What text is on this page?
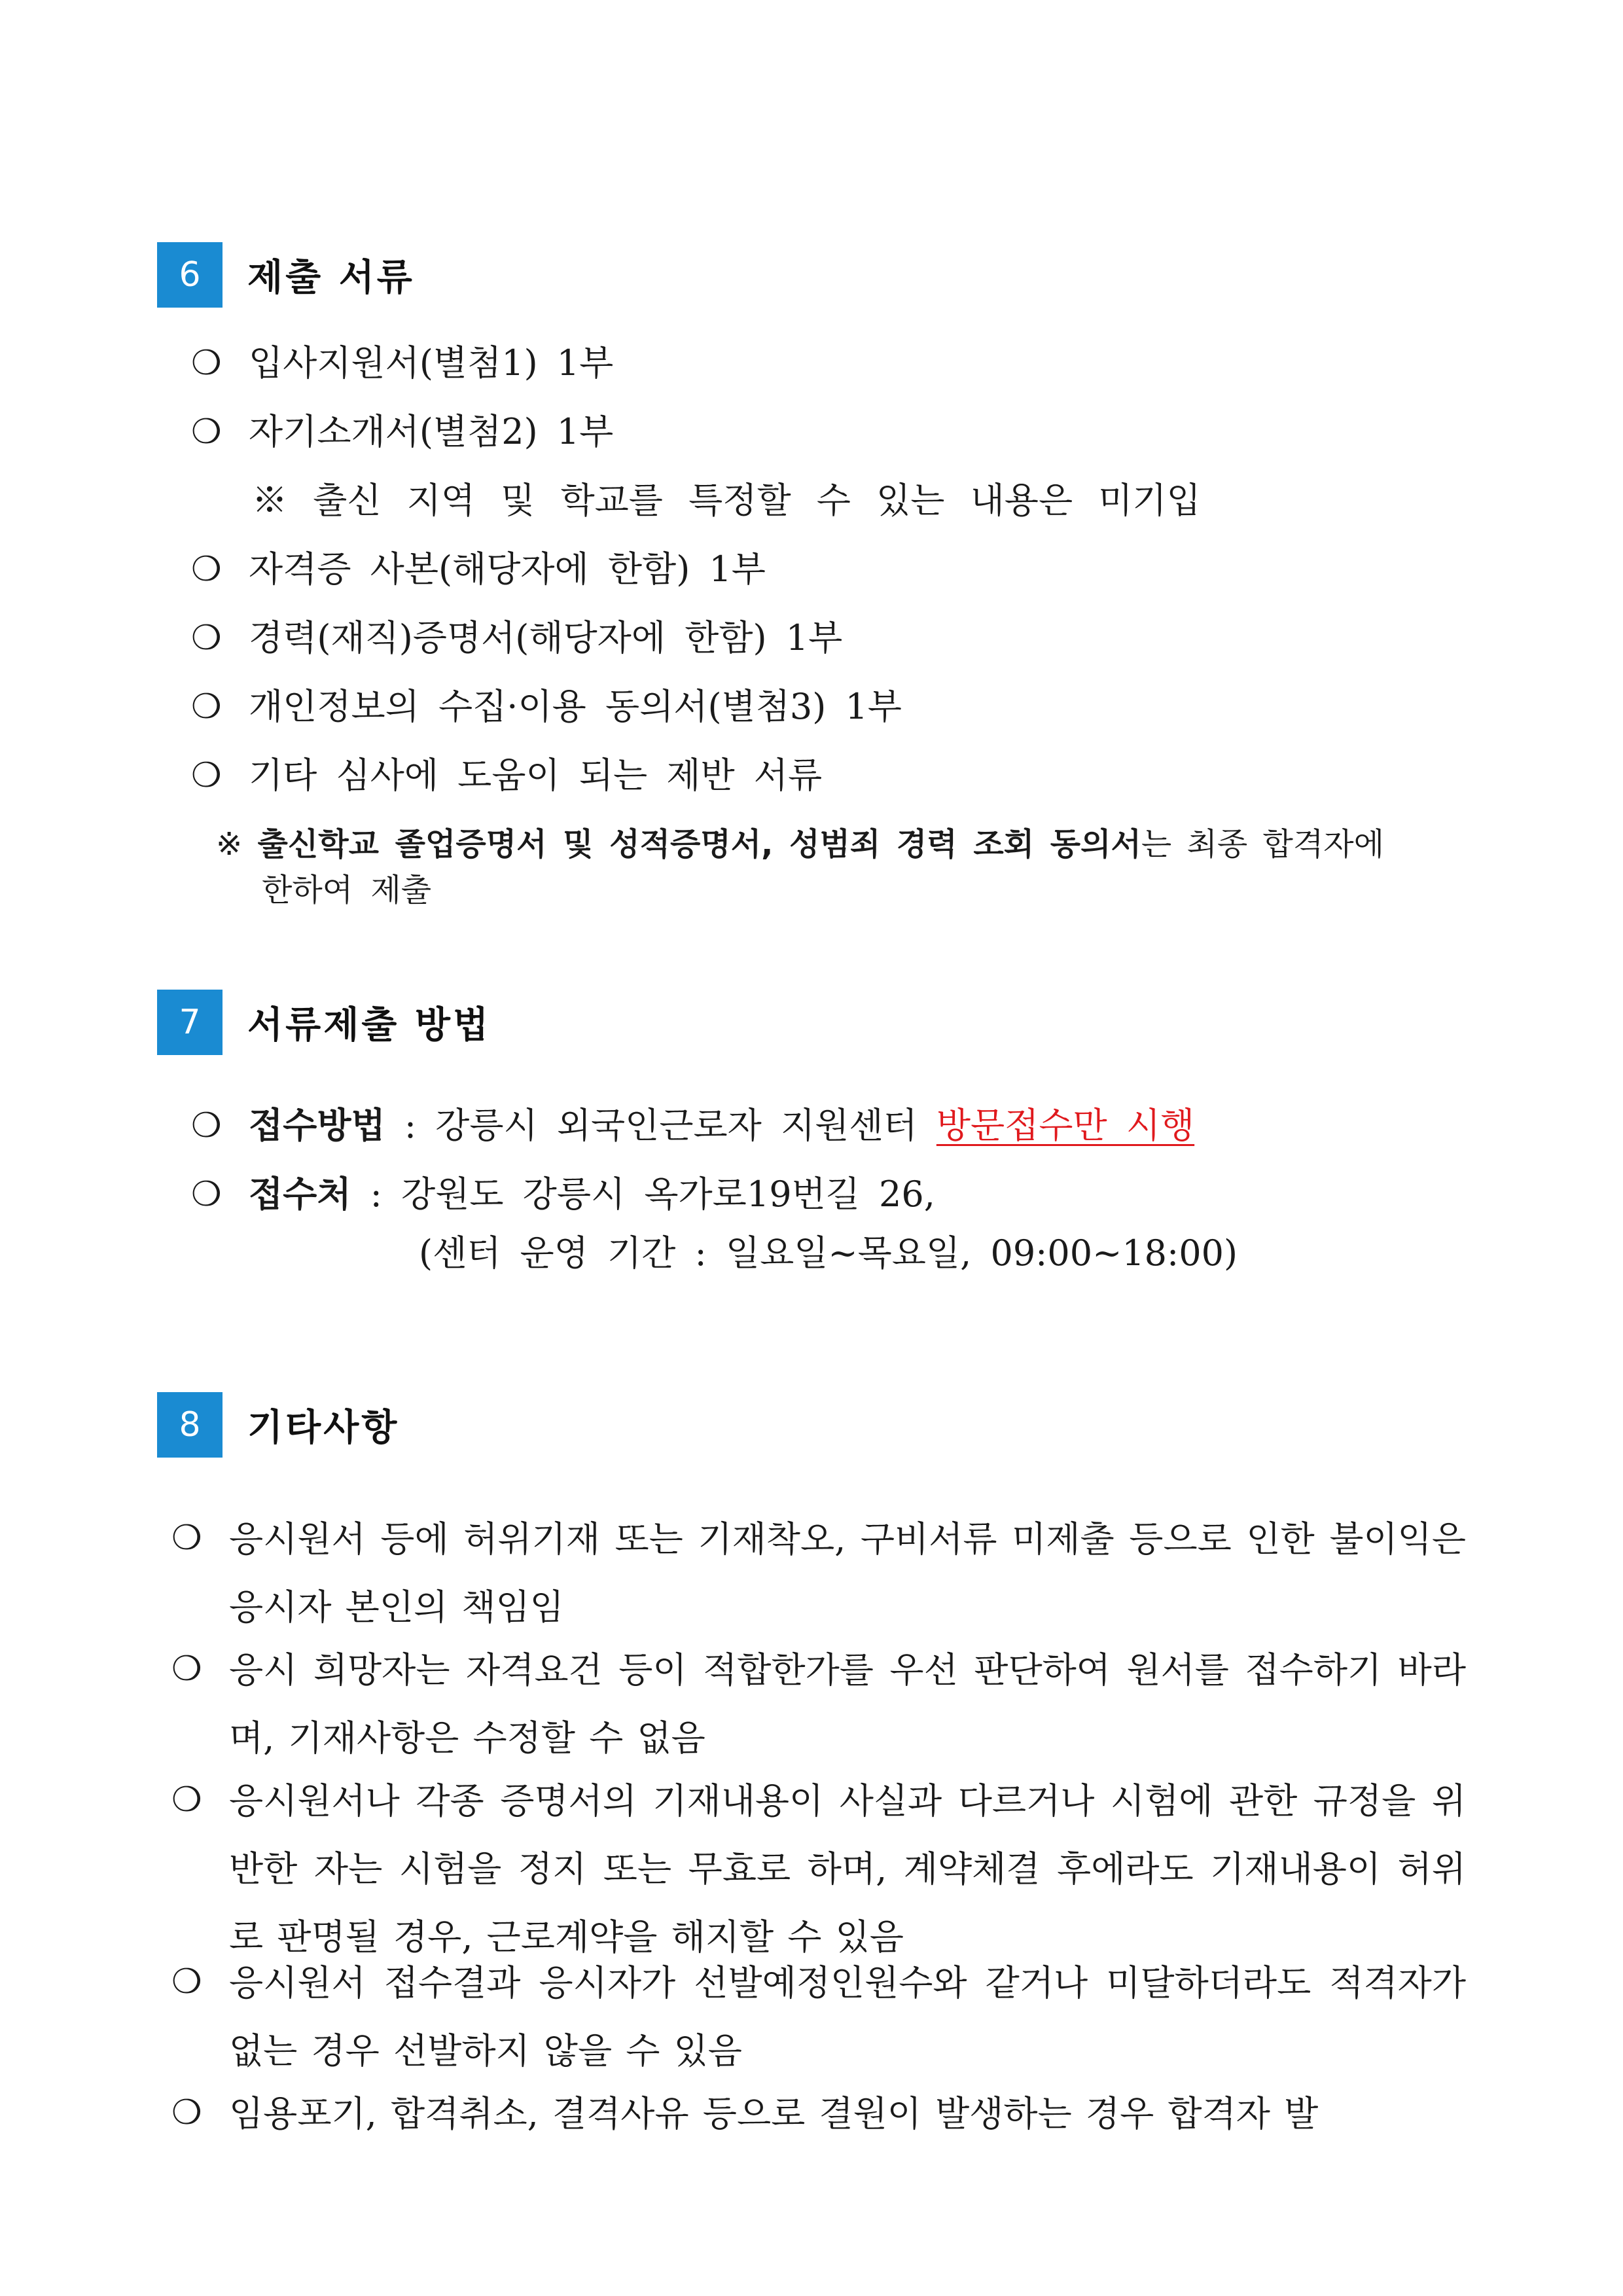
6	제출 서류
❍ 입사지원서(별첨1) 1부
❍ 자기소개서(별첨2) 1부
※ 출신 지역 및 학교를 특정할 수 있는 내용은 미기입
❍ 자격증 사본(해당자에 한함) 1부
❍ 경력(재직)증명서(해당자에 한함) 1부
❍ 개인정보의 수집·이용 동의서(별첨3) 1부
❍ 기타 심사에 도움이 되는 제반 서류
※ 출신학교 졸업증명서 및 성적증명서, 성범죄 경력 조회 동의서는 최종 합격자에
한하여 제출
7	서류제출 방법
❍ 접수방법 : 강릉시 외국인근로자 지원센터 방문접수만 시행
❍ 접수처 : 강원도 강릉시 옥가로19번길 26,
(센터 운영 기간 : 일요일~목요일, 09:00~18:00)
8	기타사항
❍ 응시원서 등에 허위기재 또는 기재착오, 구비서류 미제출 등으로 인한 불이익은 응시자 본인의 책임임
❍ 응시 희망자는 자격요건 등이 적합한가를 우선 판단하여 원서를 접수하기 바라며, 기재사항은 수정할 수 없음
❍ 응시원서나 각종 증명서의 기재내용이 사실과 다르거나 시험에 관한 규정을 위반한 자는 시험을 정지 또는 무효로 하며, 계약체결 후에라도 기재내용이 허위로 판명될 경우, 근로계약을 해지할 수 있음
❍ 응시원서 접수결과 응시자가 선발예정인원수와 같거나 미달하더라도 적격자가 없는 경우 선발하지 않을 수 있음
❍ 임용포기, 합격취소, 결격사유 등으로 결원이 발생하는 경우 합격자 발
